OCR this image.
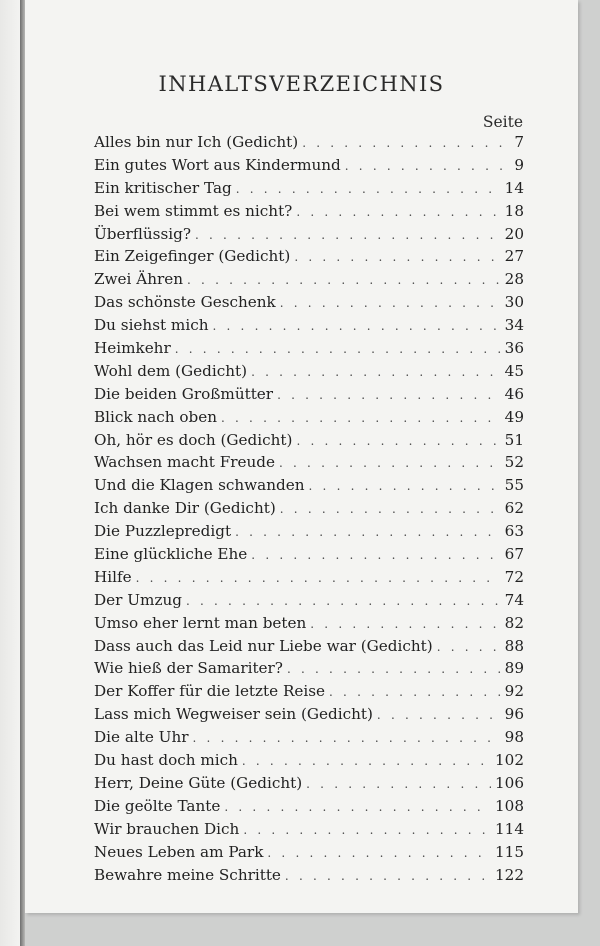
INHALTSVERZEICHNIS
Seite
Alles bin nur Ich (Gedicht) . . .	7
Ein gutes Wort aus Kindermund . . .	9
Ein kritischer Tag . . .	14
Bei wem stimmt es nicht? . . .	18
Überflüssig? . . .	20
Ein Zeigefinger (Gedicht) . . .	27
Zwei Ähren . . .	28
Das schönste Geschenk . . .	30
Du siehst mich . . .	34
Heimkehr . . .	36
Wohl dem (Gedicht) . . .	45
Die beiden Großmütter . . .	46
Blick nach oben . . .	49
Oh, hör es doch (Gedicht) . . .	51
Wachsen macht Freude . . .	52
Und die Klagen schwanden . . .	55
Ich danke Dir (Gedicht) . . .	62
Die Puzzlepredigt . . .	63
Eine glückliche Ehe . . .	67
Hilfe . . .	72
Der Umzug . . .	74
Umso eher lernt man beten . . .	82
Dass auch das Leid nur Liebe war (Gedicht) . . .	88
Wie hieß der Samariter? . . .	89
Der Koffer für die letzte Reise . . .	92
Lass mich Wegweiser sein (Gedicht) . . .	96
Die alte Uhr . . .	98
Du hast doch mich . . .	102
Herr, Deine Güte (Gedicht) . . .	106
Die geölte Tante . . .	108
Wir brauchen Dich . . .	114
Neues Leben am Park . . .	115
Bewahre meine Schritte . . .	122
